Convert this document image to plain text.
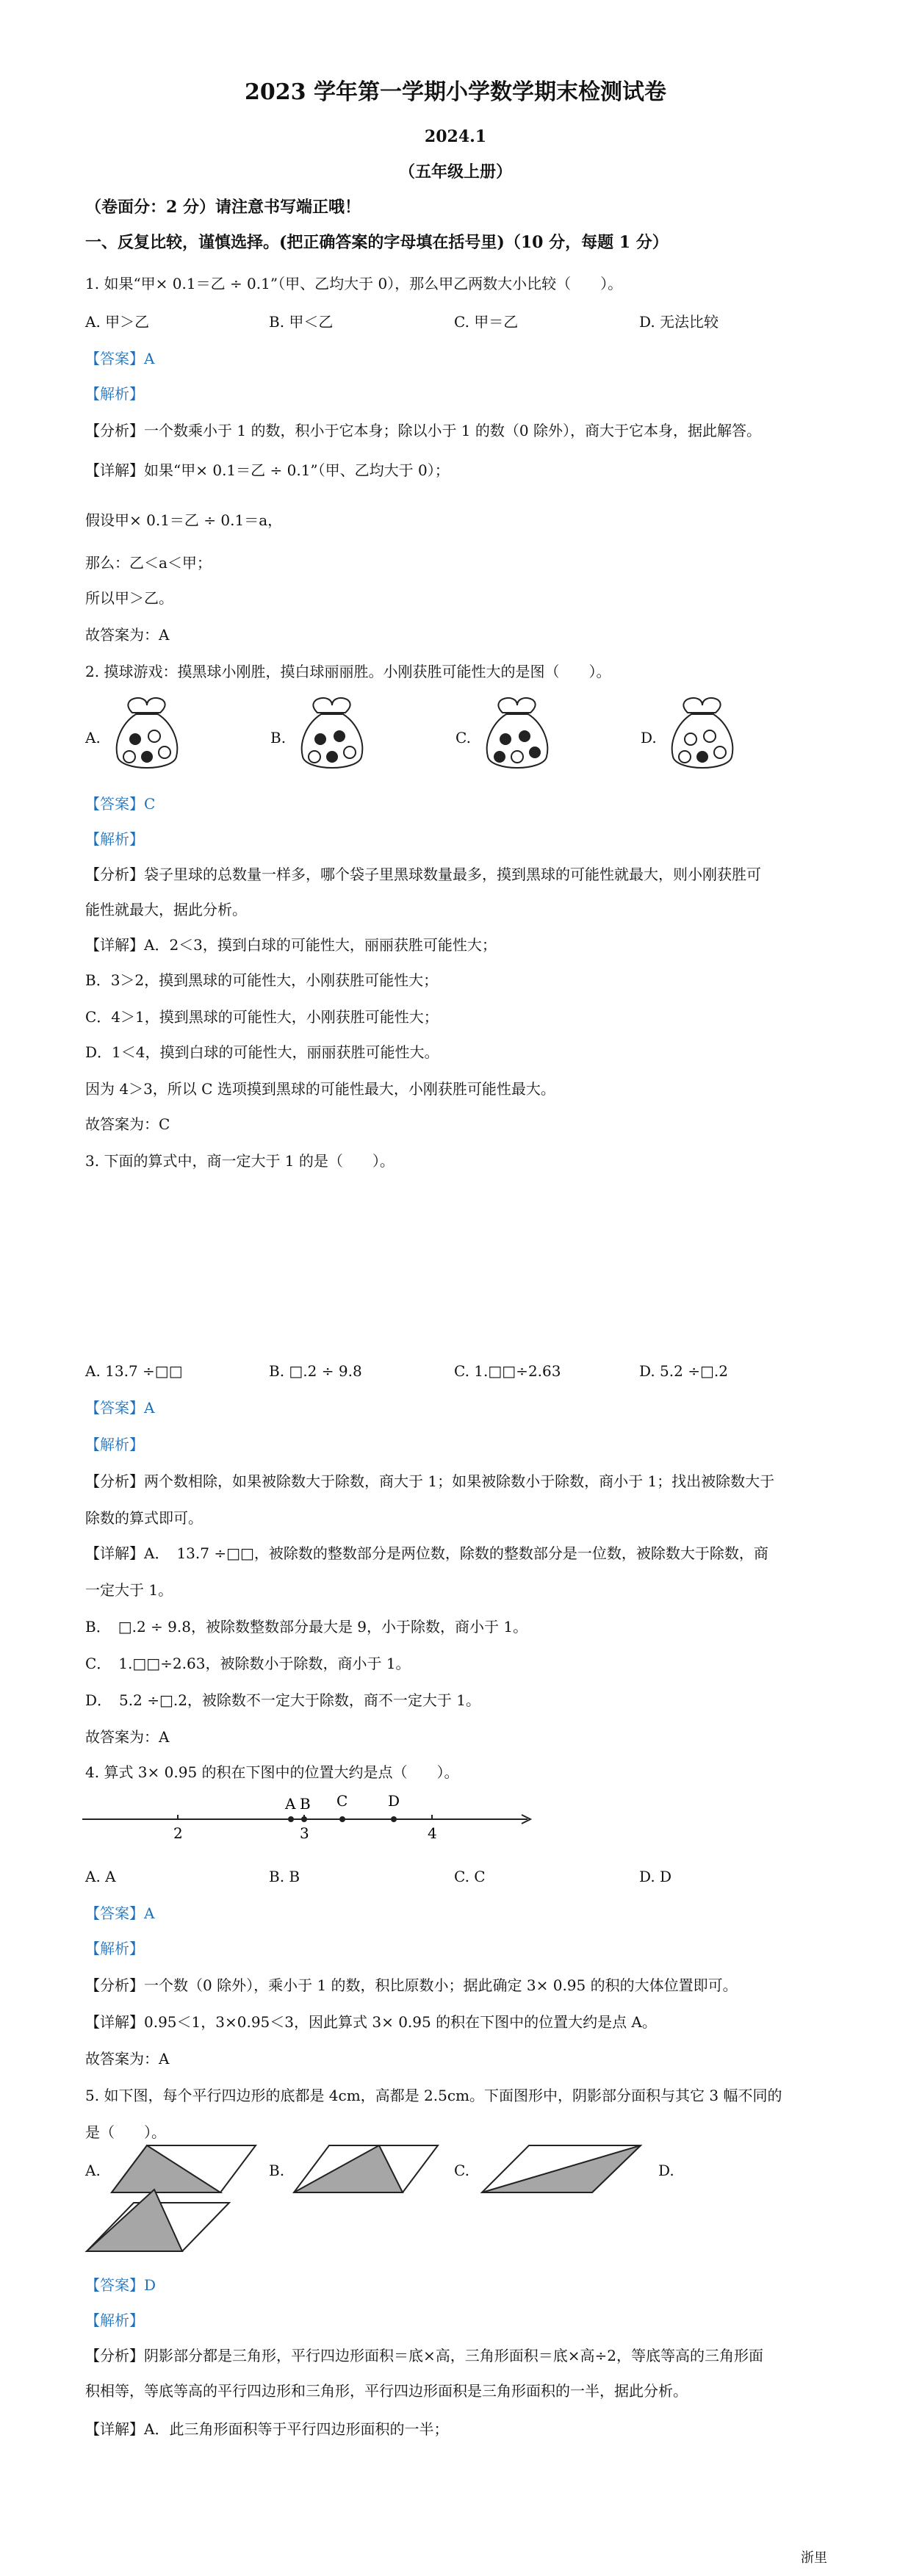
2023 学年第一学期小学数学期末检测试卷
2024.1
（五年级上册）
（卷面分：2 分）请注意书写端正哦！
一、反复比较，谨慎选择。(把正确答案的字母填在括号里)（10 分，每题 1 分）
1. 如果“甲× 0.1＝乙 ÷ 0.1”（甲、乙均大于 0），那么甲乙两数大小比较（　　）。
A. 甲＞乙	B. 甲＜乙	C. 甲＝乙	D. 无法比较
【答案】A
【解析】
【分析】一个数乘小于 1 的数，积小于它本身；除以小于 1 的数（0 除外），商大于它本身，据此解答。
【详解】如果“甲× 0.1＝乙 ÷ 0.1”（甲、乙均大于 0）；
假设甲× 0.1＝乙 ÷ 0.1＝a，
那么：乙＜a＜甲；
所以甲＞乙。
故答案为：A
2. 摸球游戏：摸黑球小刚胜，摸白球丽丽胜。小刚获胜可能性大的是图（　　）。
A.	B.	C.	D.
【答案】C
【解析】
【分析】袋子里球的总数量一样多，哪个袋子里黑球数量最多，摸到黑球的可能性就最大，则小刚获胜可
能性就最大，据此分析。
【详解】A．2＜3，摸到白球的可能性大，丽丽获胜可能性大；
B．3＞2，摸到黑球的可能性大，小刚获胜可能性大；
C．4＞1，摸到黑球的可能性大，小刚获胜可能性大；
D．1＜4，摸到白球的可能性大，丽丽获胜可能性大。
因为 4＞3，所以 C 选项摸到黑球的可能性最大，小刚获胜可能性最大。
故答案为：C
3. 下面的算式中，商一定大于 1 的是（　　）。
A. 13.7 ÷□□	B. □.2 ÷ 9.8	C. 1.□□÷2.63	D. 5.2 ÷□.2
【答案】A
【解析】
【分析】两个数相除，如果被除数大于除数，商大于 1；如果被除数小于除数，商小于 1；找出被除数大于
除数的算式即可。
【详解】A．　13.7 ÷□□，被除数的整数部分是两位数，除数的整数部分是一位数，被除数大于除数，商
一定大于 1。
B．　□.2 ÷ 9.8，被除数整数部分最大是 9，小于除数，商小于 1。
C．　1.□□÷2.63，被除数小于除数，商小于 1。
D．　5.2 ÷□.2，被除数不一定大于除数，商不一定大于 1。
故答案为：A
4. 算式 3× 0.95 的积在下图中的位置大约是点（　　）。
2	3	4
A B C	D
A. A	B. B	C. C	D. D
【答案】A
【解析】
【分析】一个数（0 除外），乘小于 1 的数，积比原数小；据此确定 3× 0.95 的积的大体位置即可。
【详解】0.95＜1，3×0.95＜3，因此算式 3× 0.95 的积在下图中的位置大约是点 A。
故答案为：A
5. 如下图，每个平行四边形的底都是 4cm，高都是 2.5cm。下面图形中，阴影部分面积与其它 3 幅不同的
是（　　）。
A.	B.	C.	D.
【答案】D
【解析】
【分析】阴影部分都是三角形，平行四边形面积＝底×高，三角形面积＝底×高÷2，等底等高的三角形面
积相等，等底等高的平行四边形和三角形，平行四边形面积是三角形面积的一半，据此分析。
【详解】A．此三角形面积等于平行四边形面积的一半；
浙里
